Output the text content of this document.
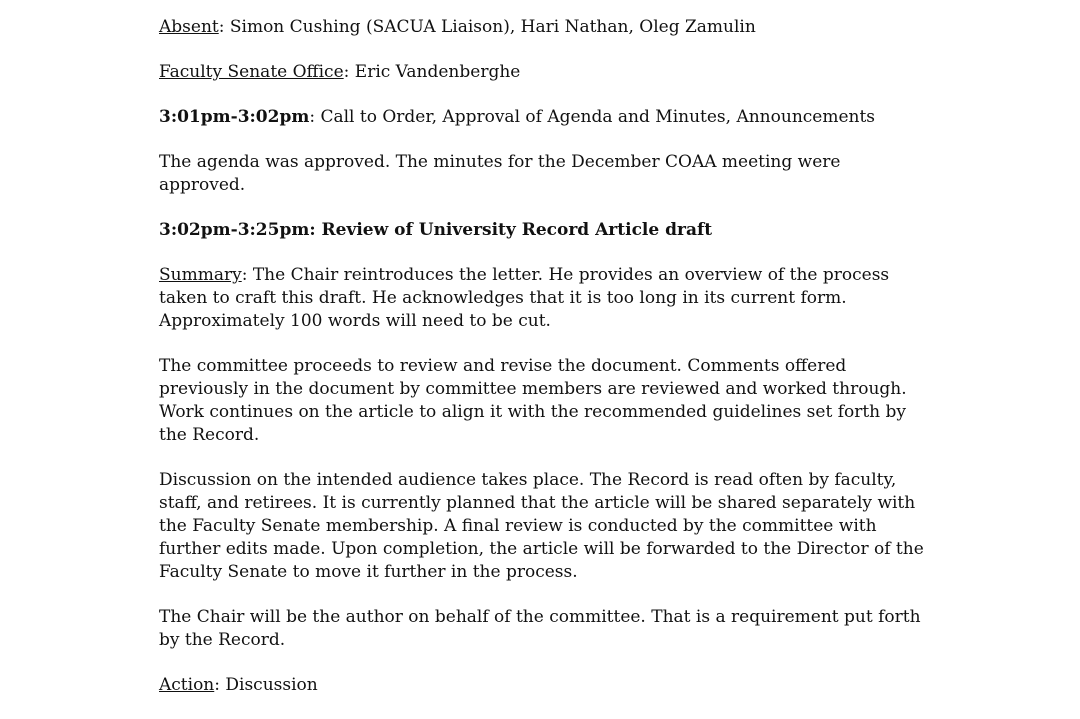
Absent: Simon Cushing (SACUA Liaison), Hari Nathan, Oleg Zamulin

Faculty Senate Office: Eric Vandenberghe

3:01pm-3:02pm: Call to Order, Approval of Agenda and Minutes, Announcements

The agenda was approved. The minutes for the December COAA meeting were approved.

3:02pm-3:25pm: Review of University Record Article draft

Summary: The Chair reintroduces the letter. He provides an overview of the process taken to craft this draft. He acknowledges that it is too long in its current form. Approximately 100 words will need to be cut.

The committee proceeds to review and revise the document. Comments offered previously in the document by committee members are reviewed and worked through. Work continues on the article to align it with the recommended guidelines set forth by the Record.

Discussion on the intended audience takes place. The Record is read often by faculty, staff, and retirees. It is currently planned that the article will be shared separately with the Faculty Senate membership. A final review is conducted by the committee with further edits made. Upon completion, the article will be forwarded to the Director of the Faculty Senate to move it further in the process.

The Chair will be the author on behalf of the committee. That is a requirement put forth by the Record.

Action: Discussion
